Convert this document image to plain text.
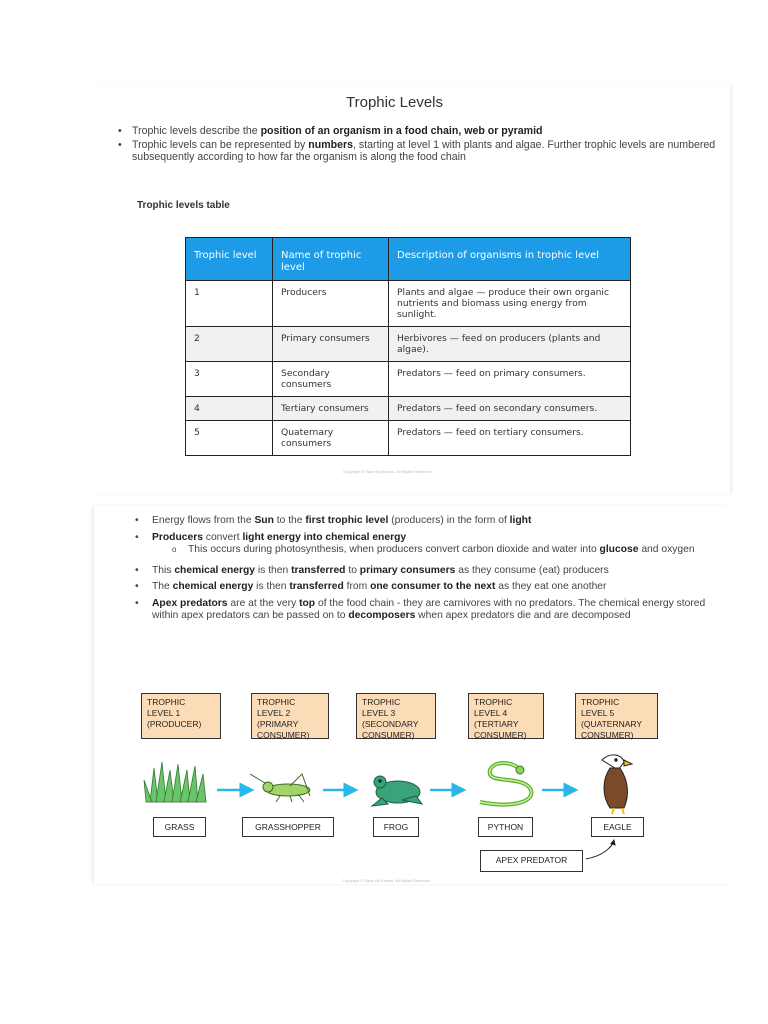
Trophic Levels
• Trophic levels describe the position of an organism in a food chain, web or pyramid
• Trophic levels can be represented by numbers, starting at level 1 with plants and algae. Further trophic levels are numbered subsequently according to how far the organism is along the food chain
Trophic levels table
Trophic level	Name of trophic level	Description of organisms in trophic level
1	Producers	Plants and algae — produce their own organic nutrients and biomass using energy from sunlight.
2	Primary consumers	Herbivores — feed on producers (plants and algae).
3	Secondary consumers	Predators — feed on primary consumers.
4	Tertiary consumers	Predators — feed on secondary consumers.
5	Quaternary consumers	Predators — feed on tertiary consumers.
Copyright © Save My Exams. All Rights Reserved
• Energy flows from the Sun to the first trophic level (producers) in the form of light
• Producers convert light energy into chemical energy
o This occurs during photosynthesis, when producers convert carbon dioxide and water into glucose and oxygen
• This chemical energy is then transferred to primary consumers as they consume (eat) producers
• The chemical energy is then transferred from one consumer to the next as they eat one another
• Apex predators are at the very top of the food chain - they are carnivores with no predators. The chemical energy stored within apex predators can be passed on to decomposers when apex predators die and are decomposed
TROPHIC
LEVEL 1
(PRODUCER)
TROPHIC
LEVEL 2
(PRIMARY
CONSUMER)
TROPHIC
LEVEL 3
(SECONDARY
CONSUMER)
TROPHIC
LEVEL 4
(TERTIARY
CONSUMER)
TROPHIC
LEVEL 5
(QUATERNARY
CONSUMER)
GRASS	GRASSHOPPER	FROG	PYTHON	EAGLE
APEX PREDATOR
Copyright © Save My Exams. All Rights Reserved
